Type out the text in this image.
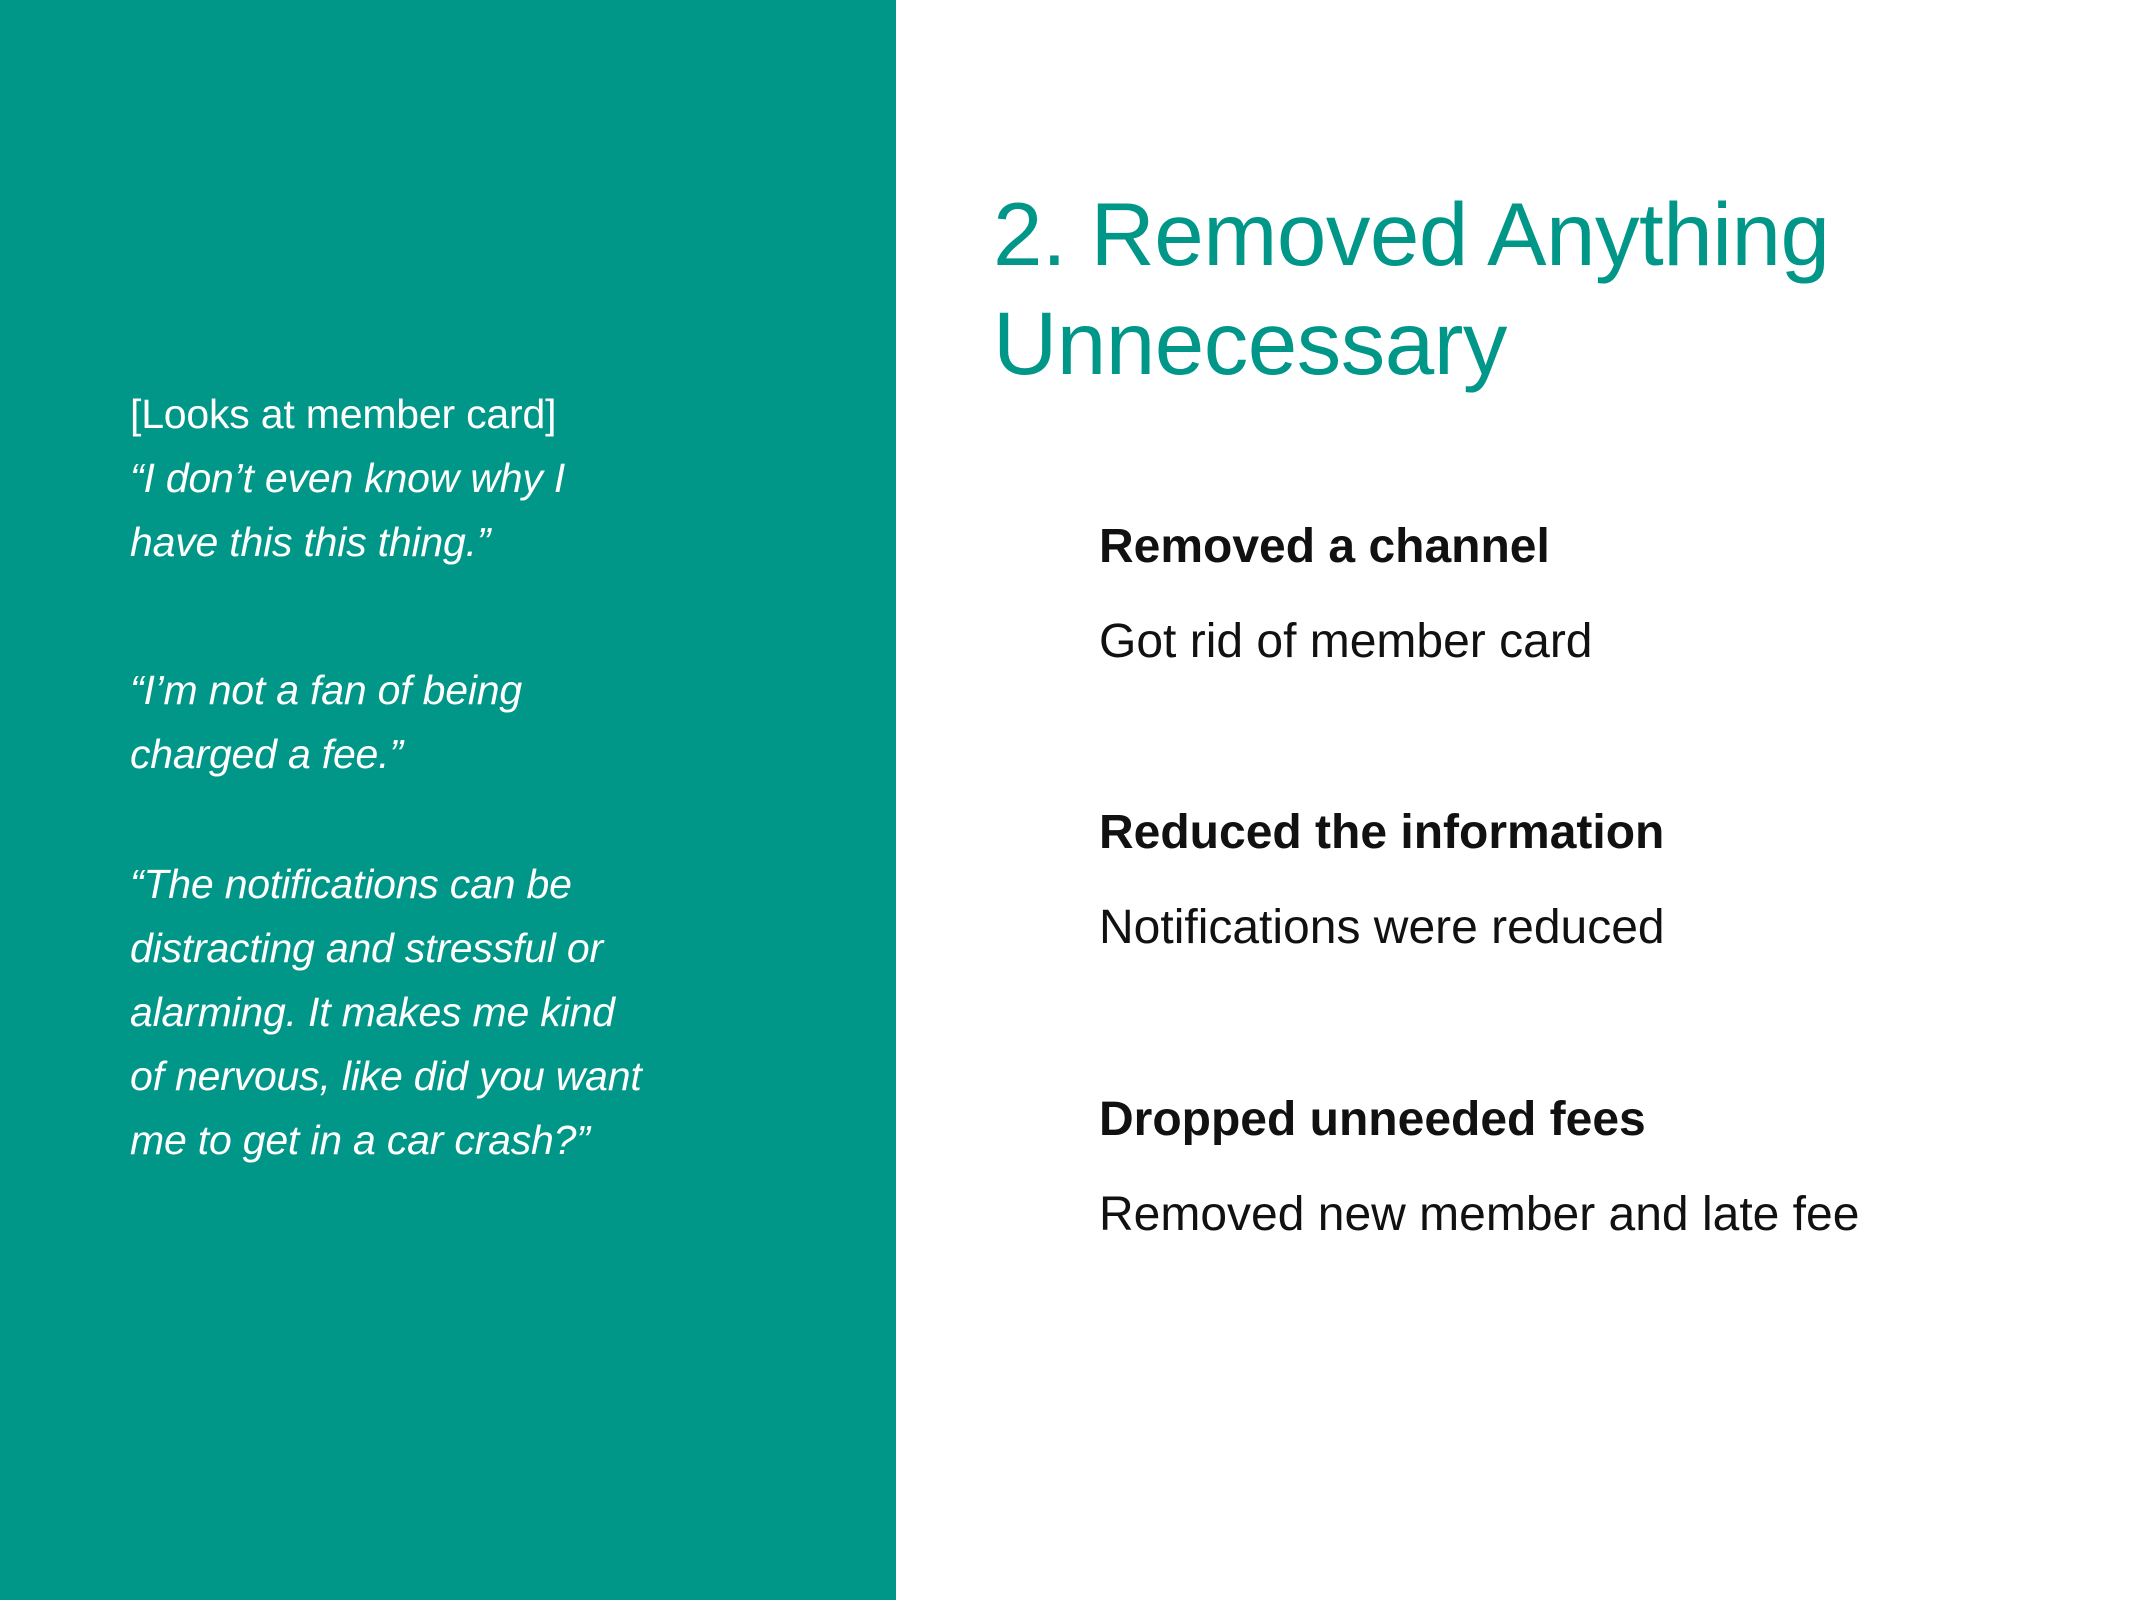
[Looks at member card]
“I don’t even know why I
have this this thing.”
“I’m not a fan of being
charged a fee.”
“The notifications can be
distracting and stressful or
alarming. It makes me kind
of nervous, like did you want
me to get in a car crash?”
2. Removed Anything
Unnecessary
Removed a channel
Got rid of member card
Reduced the information
Notifications were reduced
Dropped unneeded fees
Removed new member and late fee
